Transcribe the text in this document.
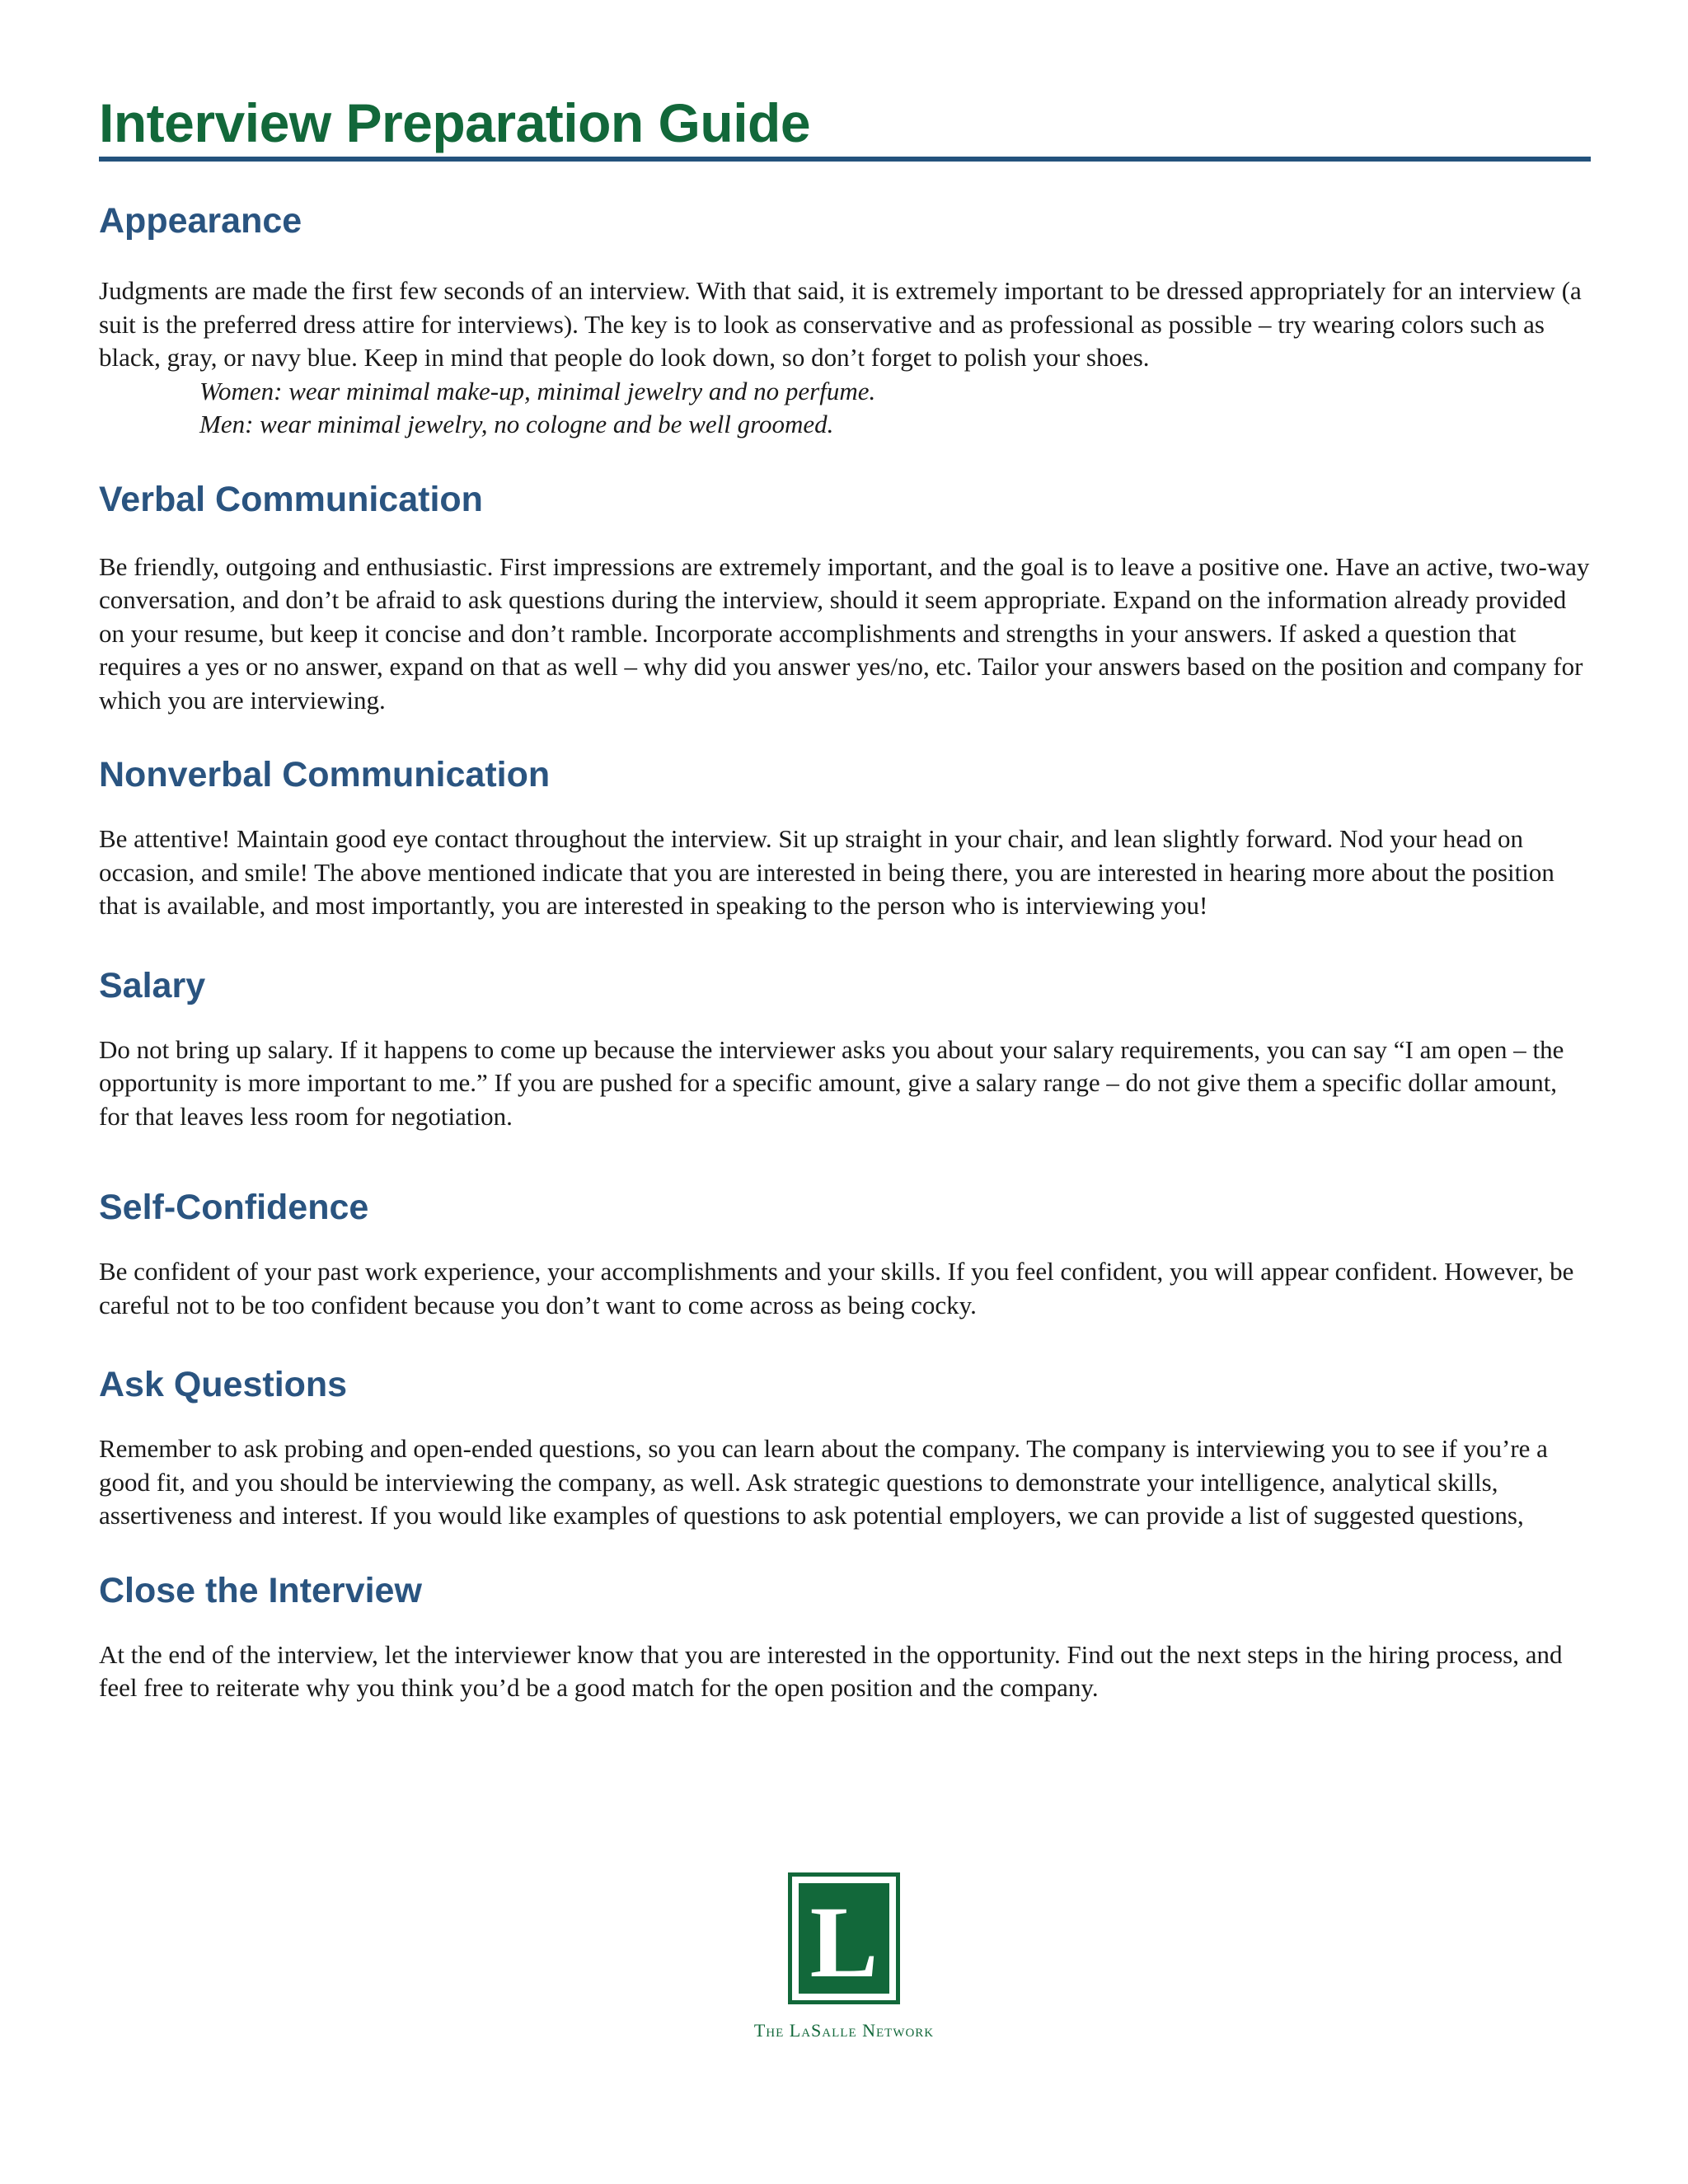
Interview Preparation Guide
Appearance

Judgments are made the first few seconds of an interview. With that said, it is extremely important to be dressed appropriately for an interview (a suit is the preferred dress attire for interviews). The key is to look as conservative and as professional as possible – try wearing colors such as black, gray, or navy blue. Keep in mind that people do look down, so don’t forget to polish your shoes.

Women: wear minimal make-up, minimal jewelry and no perfume.

Men: wear minimal jewelry, no cologne and be well groomed.

Verbal Communication

Be friendly, outgoing and enthusiastic. First impressions are extremely important, and the goal is to leave a positive one. Have an active, two-way conversation, and don’t be afraid to ask questions during the interview, should it seem appropriate. Expand on the information already provided on your resume, but keep it concise and don’t ramble. Incorporate accomplishments and strengths in your answers. If asked a question that requires a yes or no answer, expand on that as well – why did you answer yes/no, etc. Tailor your answers based on the position and company for which you are interviewing.

Nonverbal Communication

Be attentive! Maintain good eye contact throughout the interview. Sit up straight in your chair, and lean slightly forward. Nod your head on occasion, and smile! The above mentioned indicate that you are interested in being there, you are interested in hearing more about the position that is available, and most importantly, you are interested in speaking to the person who is interviewing you!

Salary

Do not bring up salary. If it happens to come up because the interviewer asks you about your salary requirements, you can say “I am open – the opportunity is more important to me.” If you are pushed for a specific amount, give a salary range – do not give them a specific dollar amount, for that leaves less room for negotiation.

Self-Confidence

Be confident of your past work experience, your accomplishments and your skills. If you feel confident, you will appear confident. However, be careful not to be too confident because you don’t want to come across as being cocky.

Ask Questions

Remember to ask probing and open-ended questions, so you can learn about the company. The company is interviewing you to see if you’re a good fit, and you should be interviewing the company, as well. Ask strategic questions to demonstrate your intelligence, analytical skills, assertiveness and interest. If you would like examples of questions to ask potential employers, we can provide a list of suggested questions,

Close the Interview

At the end of the interview, let the interviewer know that you are interested in the opportunity. Find out the next steps in the hiring process, and feel free to reiterate why you think you’d be a good match for the open position and the company.

L
The LaSalle Network
